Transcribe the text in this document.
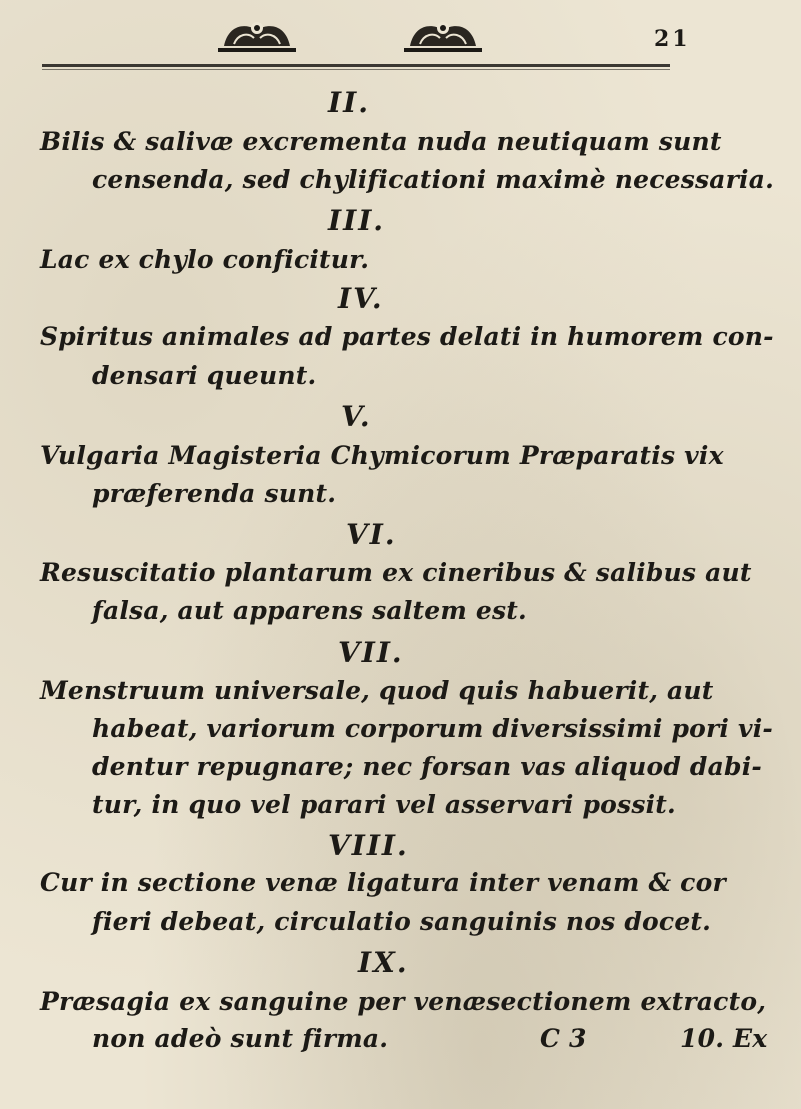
21
II.
Bilis & salivæ excrementa nuda neutiquam sunt
censenda, sed chylificationi maximè necessaria.
III.
Lac ex chylo conficitur.
IV.
Spiritus animales ad partes delati in humorem con-
densari queunt.
V.
Vulgaria Magisteria Chymicorum Præparatis vix
præferenda sunt.
VI.
Resuscitatio plantarum ex cineribus & salibus aut
falsa, aut apparens saltem est.
VII.
Menstruum universale, quod quis habuerit, aut
habeat, variorum corporum diversissimi pori vi-
dentur repugnare; nec forsan vas aliquod dabi-
tur, in quo vel parari vel asservari possit.
VIII.
Cur in sectione venæ ligatura inter venam & cor
fieri debeat, circulatio sanguinis nos docet.
IX.
Præsagia ex sanguine per venæsectionem extracto,
non adeò sunt firma.	C 3	10. Ex
